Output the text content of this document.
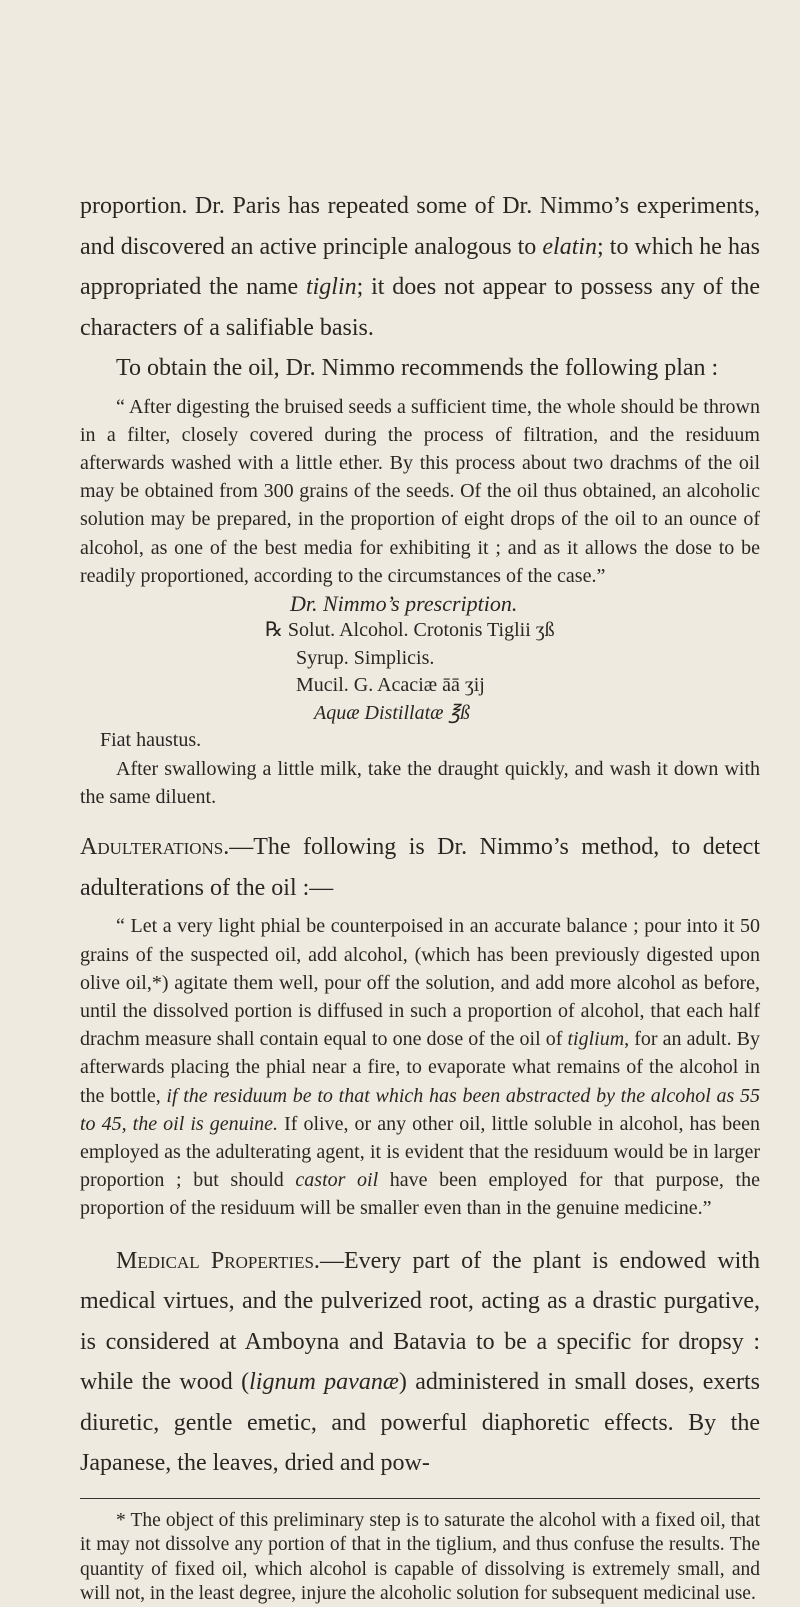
proportion. Dr. Paris has repeated some of Dr. Nimmo’s experiments, and discovered an active principle analogous to elatin; to which he has appropriated the name tiglin; it does not appear to possess any of the characters of a salifiable basis.

To obtain the oil, Dr. Nimmo recommends the following plan :

“ After digesting the bruised seeds a sufficient time, the whole should be thrown in a filter, closely covered during the process of filtration, and the residuum afterwards washed with a little ether. By this process about two drachms of the oil may be obtained from 300 grains of the seeds. Of the oil thus obtained, an alcoholic solution may be prepared, in the proportion of eight drops of the oil to an ounce of alcohol, as one of the best media for exhibiting it ; and as it allows the dose to be readily proportioned, according to the circumstances of the case.”

Dr. Nimmo’s prescription.
℞ Solut. Alcohol. Crotonis Tiglii ʒß
Syrup. Simplicis.
Mucil. G. Acaciæ āā ʒij
Aquæ Distillatæ ℥ß
Fiat haustus.

After swallowing a little milk, take the draught quickly, and wash it down with the same diluent.

Adulterations.—The following is Dr. Nimmo’s method, to detect adulterations of the oil :—

“ Let a very light phial be counterpoised in an accurate balance ; pour into it 50 grains of the suspected oil, add alcohol, (which has been previously digested upon olive oil,*) agitate them well, pour off the solution, and add more alcohol as before, until the dissolved portion is diffused in such a proportion of alcohol, that each half drachm measure shall contain equal to one dose of the oil of tiglium, for an adult. By afterwards placing the phial near a fire, to evaporate what remains of the alcohol in the bottle, if the residuum be to that which has been abstracted by the alcohol as 55 to 45, the oil is genuine. If olive, or any other oil, little soluble in alcohol, has been employed as the adulterating agent, it is evident that the residuum would be in larger proportion ; but should castor oil have been employed for that purpose, the proportion of the residuum will be smaller even than in the genuine medicine.”

Medical Properties.—Every part of the plant is endowed with medical virtues, and the pulverized root, acting as a drastic purgative, is considered at Amboyna and Batavia to be a specific for dropsy : while the wood (lignum pavanæ) administered in small doses, exerts diuretic, gentle emetic, and powerful diaphoretic effects. By the Japanese, the leaves, dried and pow-

* The object of this preliminary step is to saturate the alcohol with a fixed oil, that it may not dissolve any portion of that in the tiglium, and thus confuse the results. The quantity of fixed oil, which alcohol is capable of dissolving is extremely small, and will not, in the least degree, injure the alcoholic solution for subsequent medicinal use.
